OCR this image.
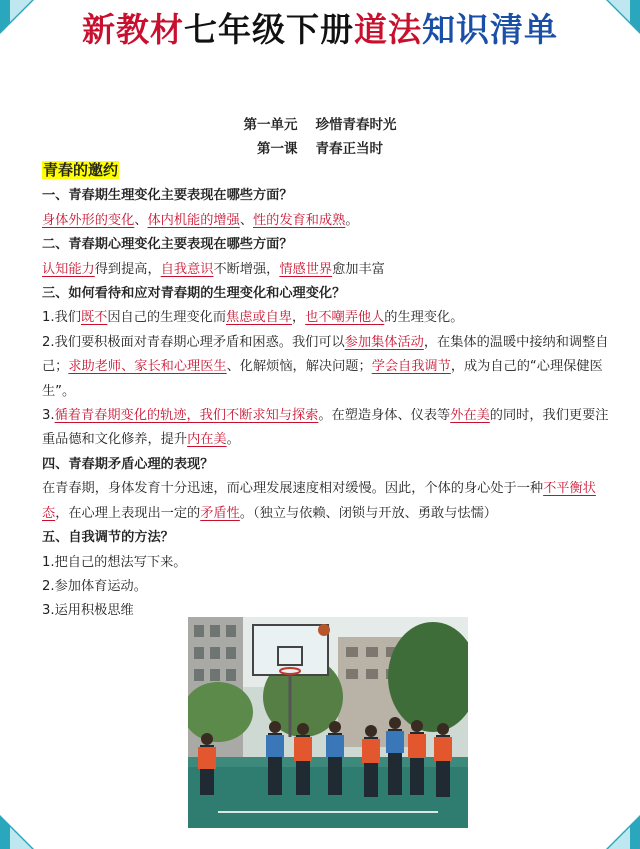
新教材七年级下册道法知识清单
第一单元 珍惜青春时光
第一课 青春正当时

青春的邀约

一、青春期生理变化主要表现在哪些方面？

身体外形的变化、体内机能的增强、性的发育和成熟。

二、青春期心理变化主要表现在哪些方面？

认知能力得到提高，自我意识不断增强，情感世界愈加丰富

三、如何看待和应对青春期的生理变化和心理变化？

1.我们既不因自己的生理变化而焦虑或自卑，也不嘲弄他人的生理变化。

2.我们要积极面对青春期心理矛盾和困惑。我们可以参加集体活动，在集体的温暖中接纳和调整自己；求助老师、家长和心理医生、化解烦恼，解决问题；学会自我调节，成为自己的“心理保健医生”。

3.循着青春期变化的轨迹，我们不断求知与探索。在塑造身体、仪表等外在美的同时，我们更要注重品德和文化修养，提升内在美。

四、青春期矛盾心理的表现？

在青春期，身体发育十分迅速，而心理发展速度相对缓慢。因此，个体的身心处于一种不平衡状态，在心理上表现出一定的矛盾性。（独立与依赖、闭锁与开放、勇敢与怯懦）

五、自我调节的方法？

1.把自己的想法写下来。

2.参加体育运动。

3.运用积极思维
